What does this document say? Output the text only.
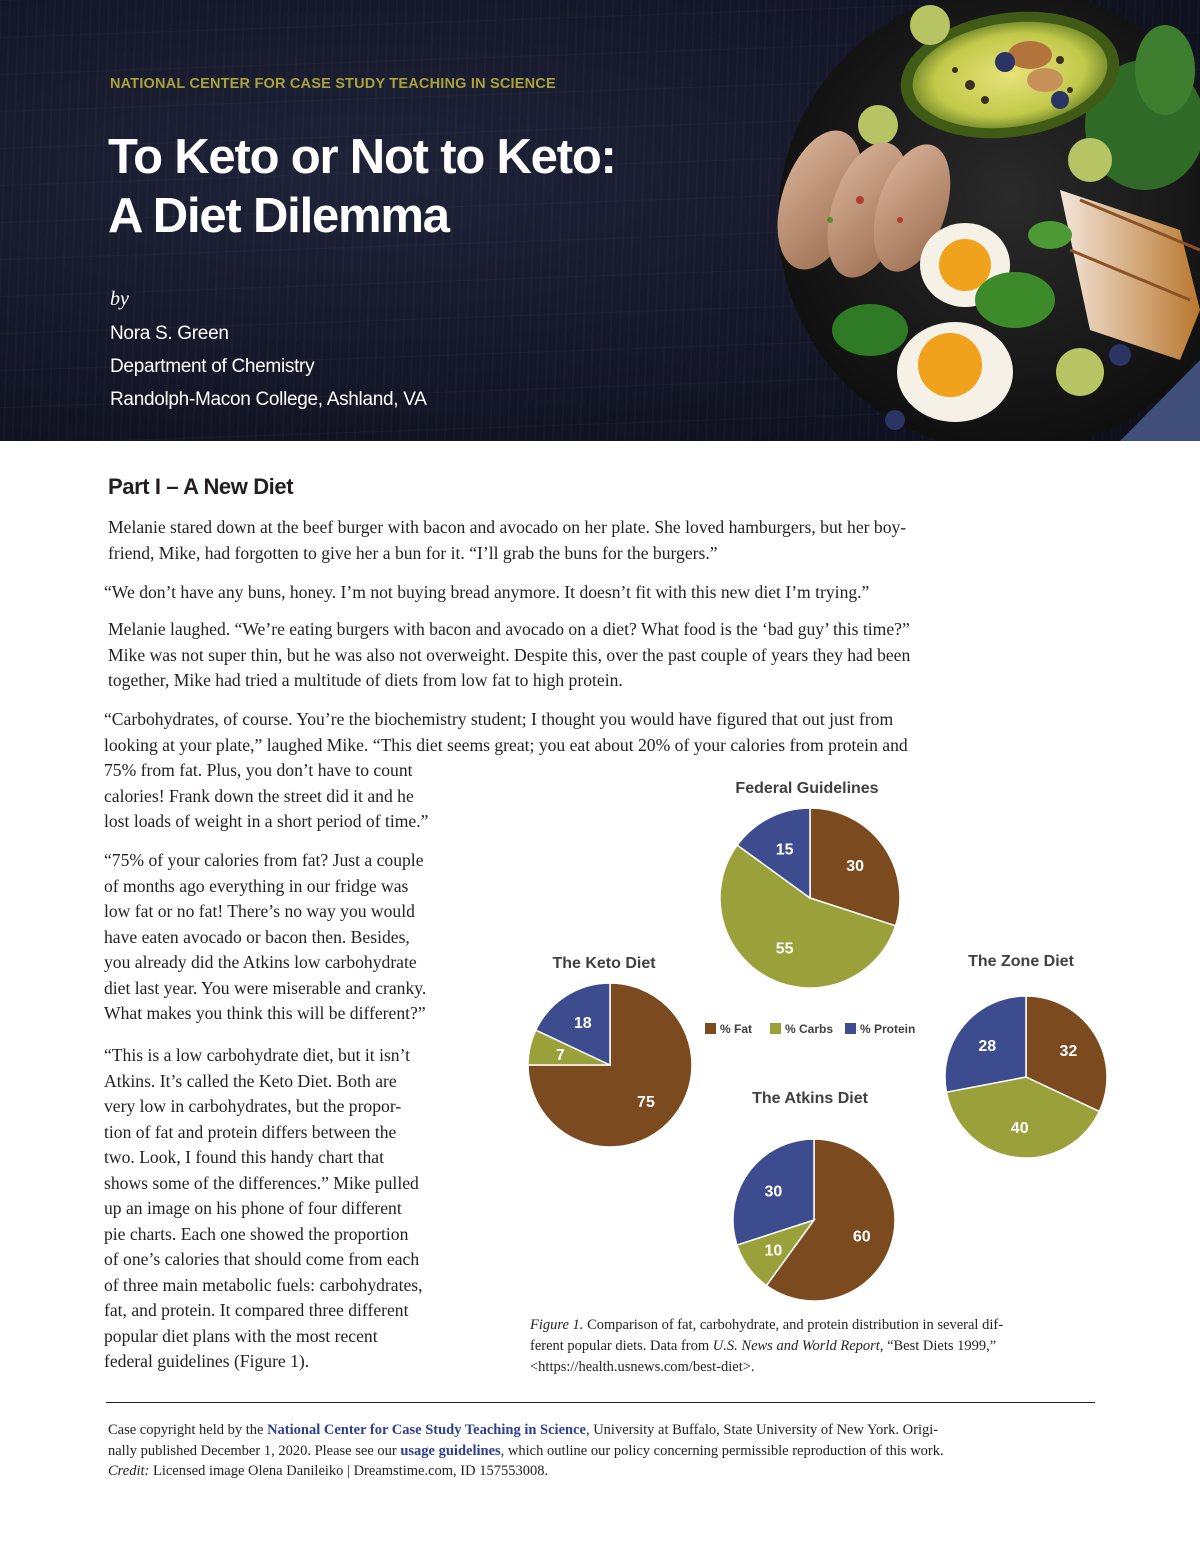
NATIONAL CENTER FOR CASE STUDY TEACHING IN SCIENCE
To Keto or Not to Keto:
A Diet Dilemma
by
Nora S. Green
Department of Chemistry
Randolph-Macon College, Ashland, VA
Part I – A New Diet
Melanie stared down at the beef burger with bacon and avocado on her plate. She loved hamburgers, but her boy-
friend, Mike, had forgotten to give her a bun for it. “I’ll grab the buns for the burgers.”
“We don’t have any buns, honey. I’m not buying bread anymore. It doesn’t fit with this new diet I’m trying.”
Melanie laughed. “We’re eating burgers with bacon and avocado on a diet? What food is the ‘bad guy’ this time?”
Mike was not super thin, but he was also not overweight. Despite this, over the past couple of years they had been
together, Mike had tried a multitude of diets from low fat to high protein.
“Carbohydrates, of course. You’re the biochemistry student; I thought you would have figured that out just from
looking at your plate,” laughed Mike. “This diet seems great; you eat about 20% of your calories from protein and
75% from fat. Plus, you don’t have to count
calories! Frank down the street did it and he
lost loads of weight in a short period of time.”
“75% of your calories from fat? Just a couple
of months ago everything in our fridge was
low fat or no fat! There’s no way you would
have eaten avocado or bacon then. Besides,
you already did the Atkins low carbohydrate
diet last year. You were miserable and cranky.
What makes you think this will be different?”
“This is a low carbohydrate diet, but it isn’t
Atkins. It’s called the Keto Diet. Both are
very low in carbohydrates, but the propor-
tion of fat and protein differs between the
two. Look, I found this handy chart that
shows some of the differences.” Mike pulled
up an image on his phone of four different
pie charts. Each one showed the proportion
of one’s calories that should come from each
of three main metabolic fuels: carbohydrates,
fat, and protein. It compared three different
popular diet plans with the most recent
federal guidelines (Figure 1).
30
55
15
Federal Guidelines
75
7
18
The Keto Diet
32
40
28
The Zone Diet
60
10
30
The Atkins Diet
% Fat	% Carbs % Protein
Figure 1. Comparison of fat, carbohydrate, and protein distribution in several dif-
ferent popular diets. Data from U.S. News and World Report, “Best Diets 1999,”
<https://health.usnews.com/best-diet>.
Case copyright held by the National Center for Case Study Teaching in Science, University at Buffalo, State University of New York. Origi-
nally published December 1, 2020. Please see our usage guidelines, which outline our policy concerning permissible reproduction of this work.
Credit: Licensed image Olena Danileiko | Dreamstime.com, ID 157553008.
